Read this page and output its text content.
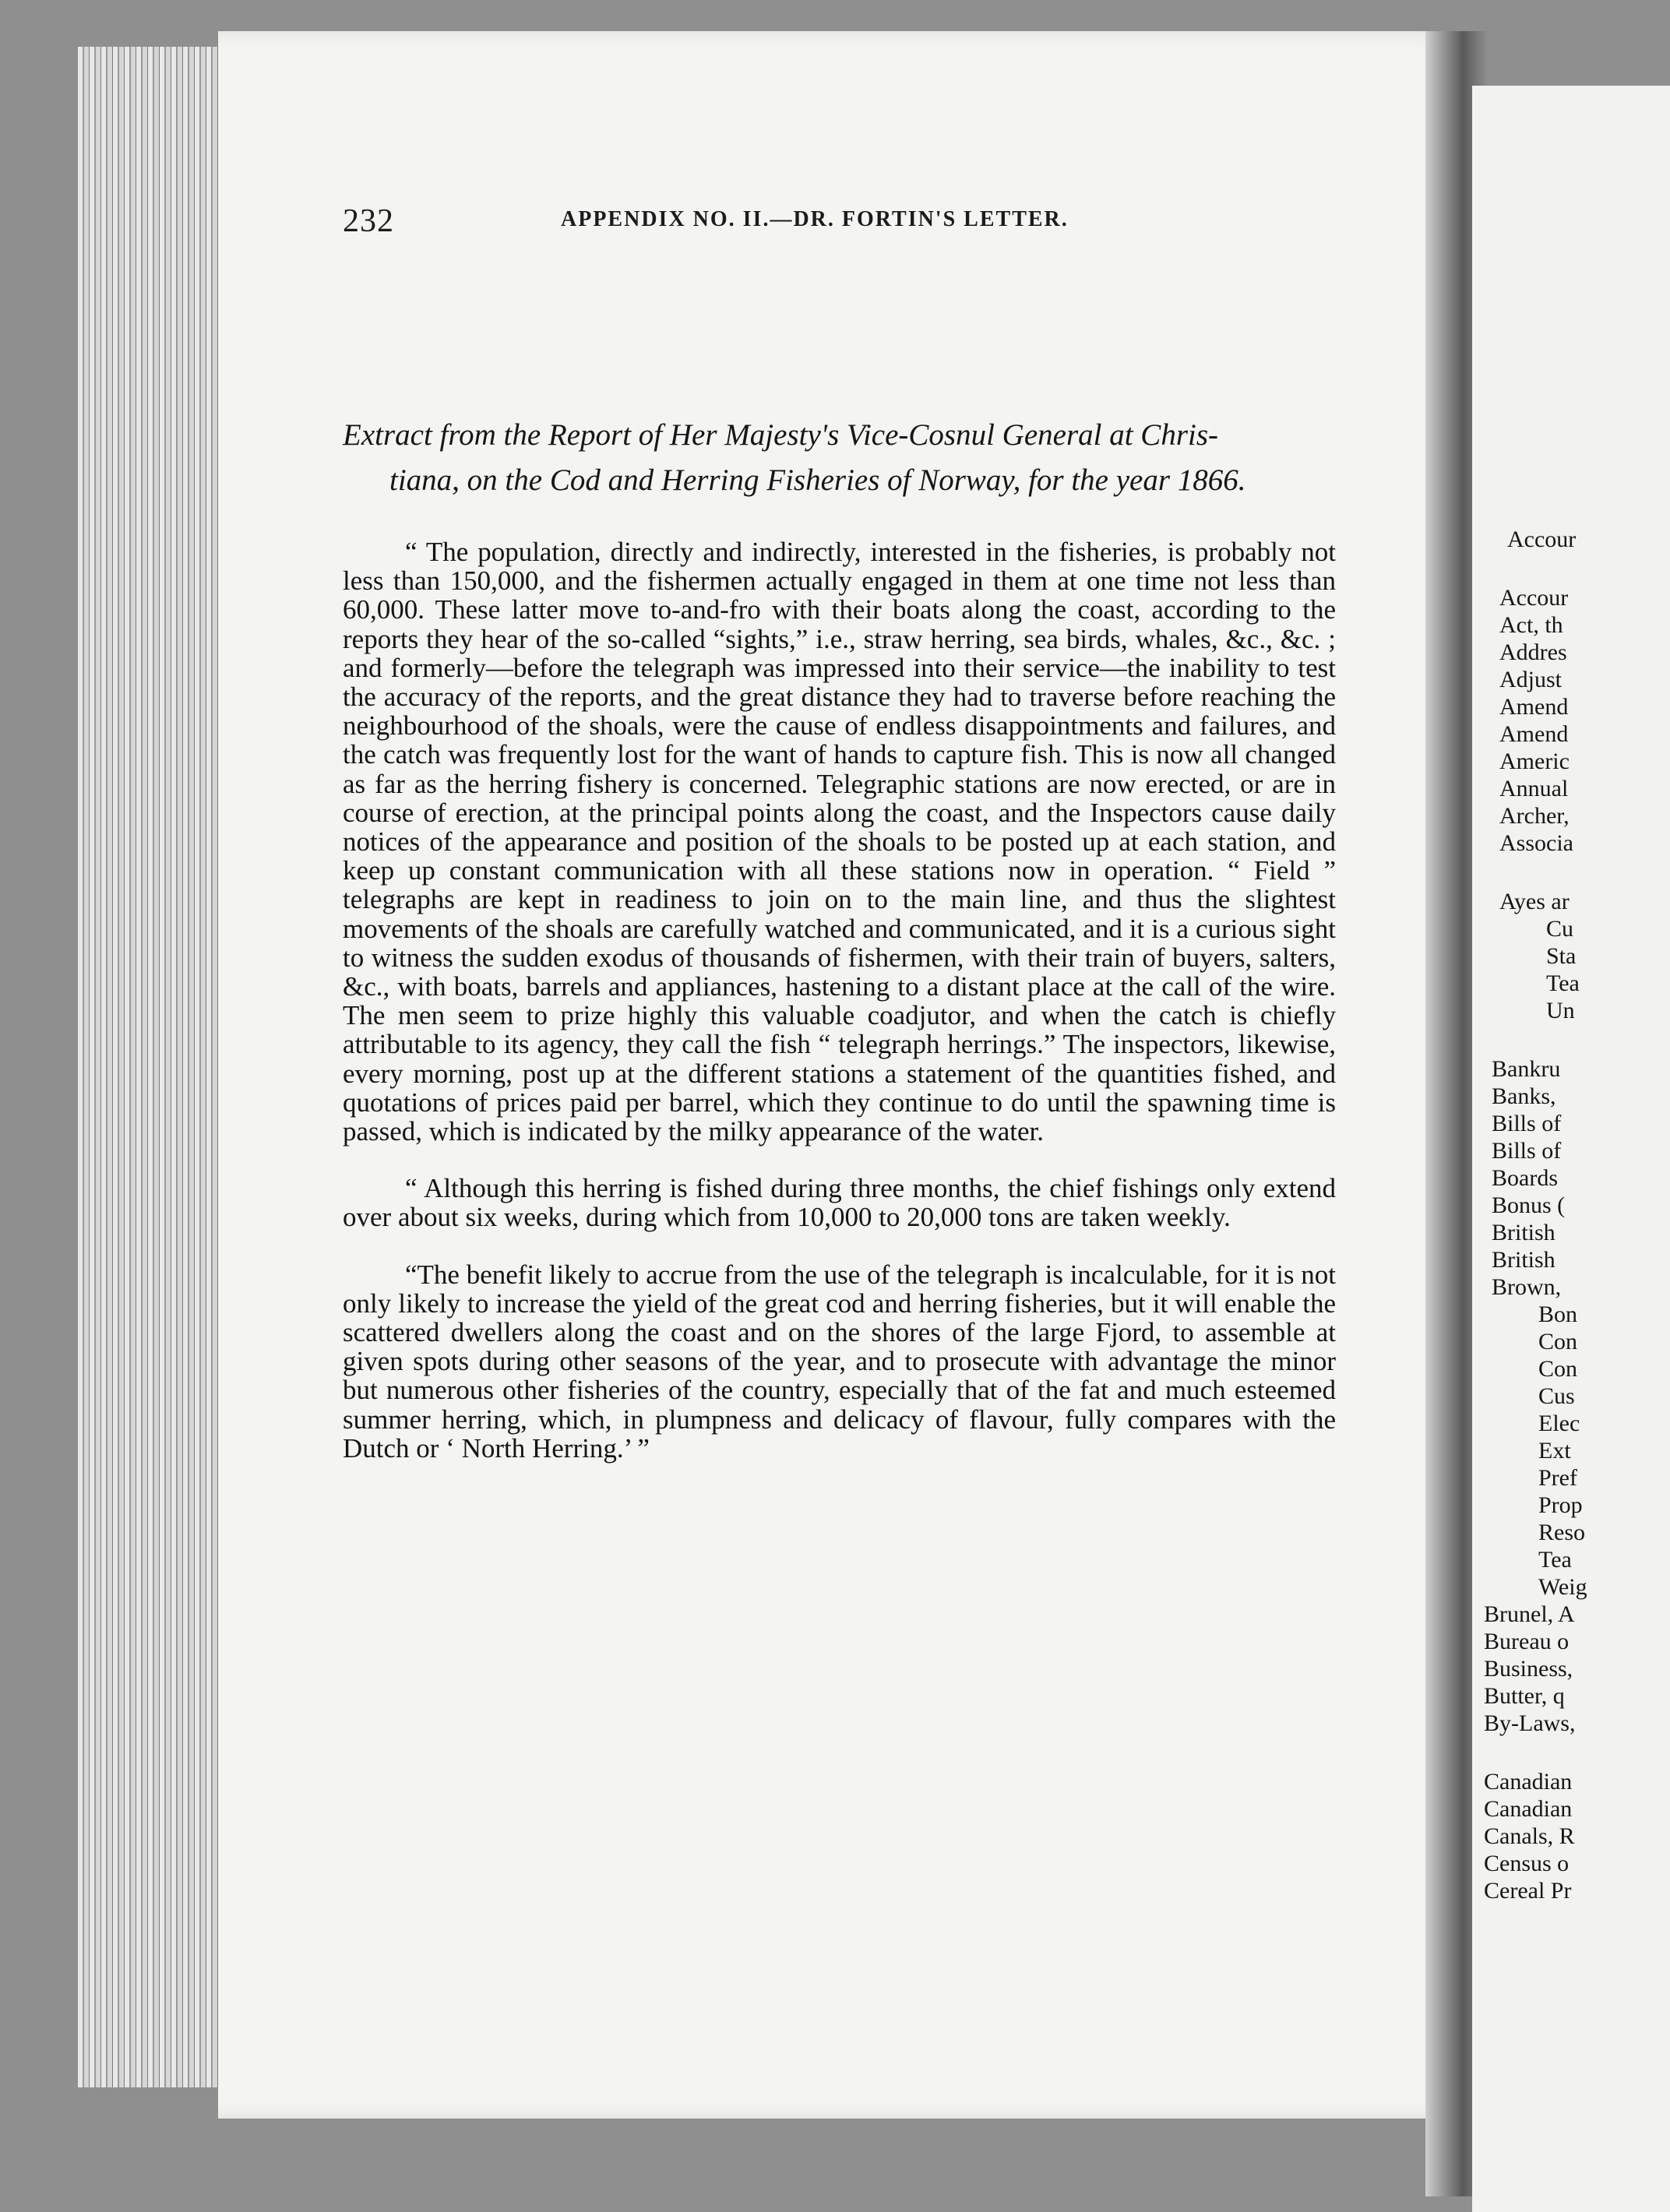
Accour
Accour
Act, th
Addres
Adjust
Amend
Amend
Americ
Annual
Archer,
Associa
Ayes ar
Cu
Sta
Tea
Un
Bankru
Banks,
Bills of
Bills of
Boards
Bonus (
British
British
Brown,
Bon
Con
Con
Cus
Elec
Ext
Pref
Prop
Reso
Tea
Weig
Brunel, A
Bureau o
Business,
Butter, q
By-Laws,
Canadian
Canadian
Canals, R
Census o
Cereal Pr
232	APPENDIX NO. II.—DR. FORTIN'S LETTER.
Extract from the Report of Her Majesty's Vice-Cosnul General at Chris-
tiana, on the Cod and Herring Fisheries of Norway, for the year 1866.

“ The population, directly and indirectly, interested in the fisheries, is probably not less than 150,000, and the fishermen actually engaged in them at one time not less than 60,000. These latter move to-and-fro with their boats along the coast, according to the reports they hear of the so-called “sights,” i.e., straw herring, sea birds, whales, &c., &c. ; and formerly—before the telegraph was impressed into their service—the inability to test the accuracy of the reports, and the great distance they had to traverse before reaching the neighbourhood of the shoals, were the cause of endless disappointments and failures, and the catch was frequently lost for the want of hands to capture fish. This is now all changed as far as the herring fishery is concerned. Telegraphic stations are now erected, or are in course of erection, at the principal points along the coast, and the Inspectors cause daily notices of the appearance and position of the shoals to be posted up at each station, and keep up constant communication with all these stations now in operation. “ Field ” telegraphs are kept in readiness to join on to the main line, and thus the slightest movements of the shoals are carefully watched and communicated, and it is a curious sight to witness the sudden exodus of thousands of fishermen, with their train of buyers, salters, &c., with boats, barrels and appliances, hastening to a distant place at the call of the wire. The men seem to prize highly this valuable coadjutor, and when the catch is chiefly attributable to its agency, they call the fish “ telegraph herrings.” The inspectors, likewise, every morning, post up at the different stations a statement of the quantities fished, and quotations of prices paid per barrel, which they continue to do until the spawning time is passed, which is indicated by the milky appearance of the water.

“ Although this herring is fished during three months, the chief fishings only extend over about six weeks, during which from 10,000 to 20,000 tons are taken weekly.

“The benefit likely to accrue from the use of the telegraph is incalculable, for it is not only likely to increase the yield of the great cod and herring fisheries, but it will enable the scattered dwellers along the coast and on the shores of the large Fjord, to assemble at given spots during other seasons of the year, and to prosecute with advantage the minor but numerous other fisheries of the country, especially that of the fat and much esteemed summer herring, which, in plumpness and delicacy of flavour, fully compares with the Dutch or ‘ North Herring.’ ”
